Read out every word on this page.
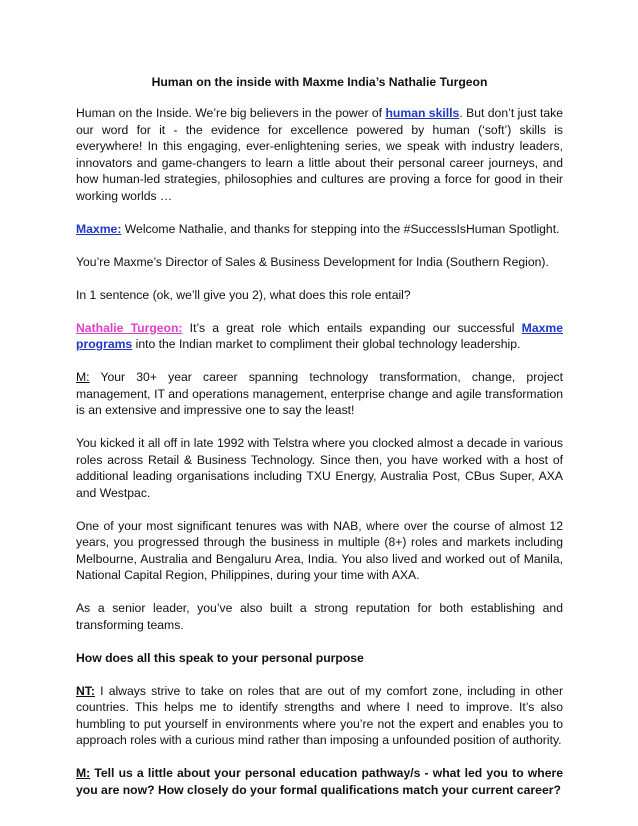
Human on the inside with Maxme India’s Nathalie Turgeon

Human on the Inside. We’re big believers in the power of human skills. But don’t just take our word for it - the evidence for excellence powered by human (‘soft’) skills is everywhere! In this engaging, ever-enlightening series, we speak with industry leaders, innovators and game-changers to learn a little about their personal career journeys, and how human-led strategies, philosophies and cultures are proving a force for good in their working worlds …

Maxme: Welcome Nathalie, and thanks for stepping into the #SuccessIsHuman Spotlight.

You’re Maxme’s Director of Sales & Business Development for India (Southern Region).

In 1 sentence (ok, we’ll give you 2), what does this role entail?

Nathalie Turgeon: It’s a great role which entails expanding our successful Maxme programs into the Indian market to compliment their global technology leadership.

M: Your 30+ year career spanning technology transformation, change, project management, IT and operations management, enterprise change and agile transformation is an extensive and impressive one to say the least!

You kicked it all off in late 1992 with Telstra where you clocked almost a decade in various roles across Retail & Business Technology. Since then, you have worked with a host of additional leading organisations including TXU Energy, Australia Post, CBus Super, AXA and Westpac.

One of your most significant tenures was with NAB, where over the course of almost 12 years, you progressed through the business in multiple (8+) roles and markets including Melbourne, Australia and Bengaluru Area, India. You also lived and worked out of Manila, National Capital Region, Philippines, during your time with AXA.

As a senior leader, you’ve also built a strong reputation for both establishing and transforming teams.

How does all this speak to your personal purpose

NT: I always strive to take on roles that are out of my comfort zone, including in other countries. This helps me to identify strengths and where I need to improve. It’s also humbling to put yourself in environments where you’re not the expert and enables you to approach roles with a curious mind rather than imposing a unfounded position of authority.

M: Tell us a little about your personal education pathway/s - what led you to where you are now? How closely do your formal qualifications match your current career?
